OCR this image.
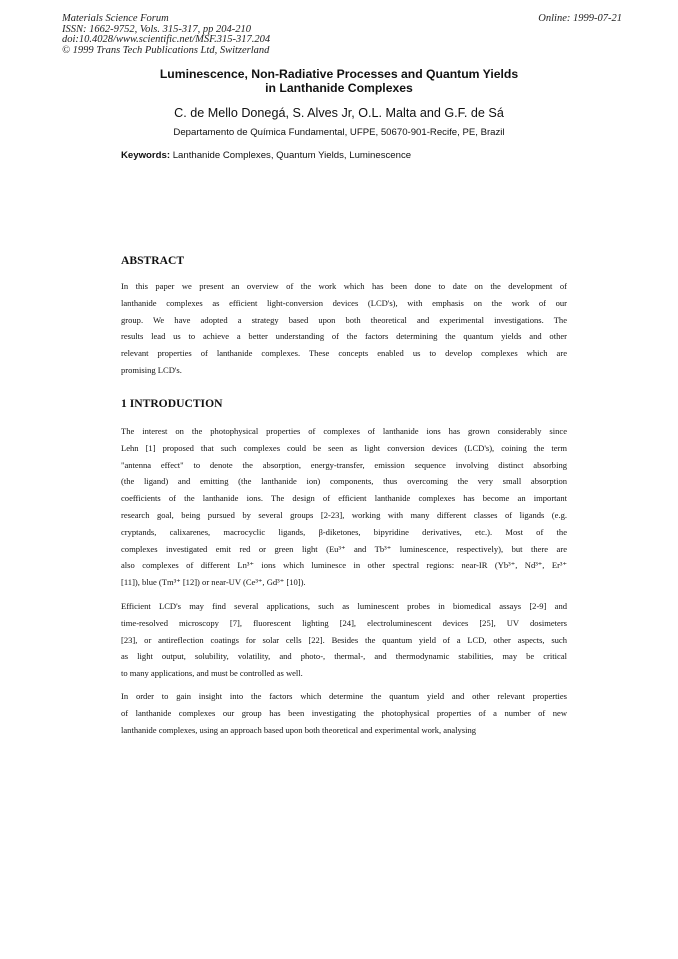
Materials Science Forum
ISSN: 1662-9752, Vols. 315-317, pp 204-210
doi:10.4028/www.scientific.net/MSF.315-317.204
© 1999 Trans Tech Publications Ltd, Switzerland
Online: 1999-07-21
Luminescence, Non-Radiative Processes and Quantum Yields
in Lanthanide Complexes
C. de Mello Donegá, S. Alves Jr, O.L. Malta and G.F. de Sá
Departamento de Química Fundamental, UFPE, 50670-901-Recife, PE, Brazil
Keywords: Lanthanide Complexes, Quantum Yields, Luminescence
ABSTRACT
In this paper we present an overview of the work which has been done to date on the development of
lanthanide complexes as efficient light-conversion devices (LCD's), with emphasis on the work of our
group. We have adopted a strategy based upon both theoretical and experimental investigations. The
results lead us to achieve a better understanding of the factors determining the quantum yields and other
relevant properties of lanthanide complexes. These concepts enabled us to develop complexes which are
promising LCD's.
1 INTRODUCTION
The interest on the photophysical properties of complexes of lanthanide ions has grown considerably since
Lehn [1] proposed that such complexes could be seen as light conversion devices (LCD's), coining the term
"antenna effect" to denote the absorption, energy-transfer, emission sequence involving distinct absorbing
(the ligand) and emitting (the lanthanide ion) components, thus overcoming the very small absorption
coefficients of the lanthanide ions. The design of efficient lanthanide complexes has become an important
research goal, being pursued by several groups [2-23], working with many different classes of ligands (e.g.
cryptands, calixarenes, macrocyclic ligands, β-diketones, bipyridine derivatives, etc.). Most of the
complexes investigated emit red or green light (Eu³⁺ and Tb³⁺ luminescence, respectively), but there are
also complexes of different Ln³⁺ ions which luminesce in other spectral regions: near-IR (Yb³⁺, Nd³⁺, Er³⁺
[11]), blue (Tm³⁺ [12]) or near-UV (Ce³⁺, Gd³⁺ [10]).
Efficient LCD's may find several applications, such as luminescent probes in biomedical assays [2-9] and
time-resolved microscopy [7], fluorescent lighting [24], electroluminescent devices [25], UV dosimeters
[23], or antireflection coatings for solar cells [22]. Besides the quantum yield of a LCD, other aspects, such
as light output, solubility, volatility, and photo-, thermal-, and thermodynamic stabilities, may be critical
to many applications, and must be controlled as well.
In order to gain insight into the factors which determine the quantum yield and other relevant properties
of lanthanide complexes our group has been investigating the photophysical properties of a number of new
lanthanide complexes, using an approach based upon both theoretical and experimental work, analysing
